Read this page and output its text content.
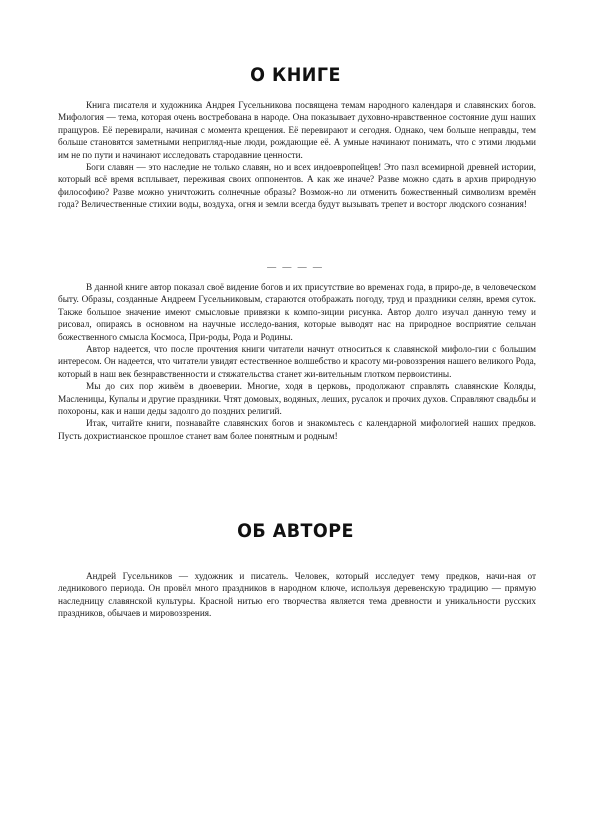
О КНИГЕ

Книга писателя и художника Андрея Гусельникова посвящена темам народного календаря и славянских богов. Мифология — тема, которая очень востребована в народе. Она показывает духовно-нравственное состояние душ наших пращуров. Её перевирали, начиная с момента крещения. Её перевирают и сегодня. Однако, чем больше неправды, тем больше становятся заметными непригляд-ные люди, рождающие её. А умные начинают понимать, что с этими людьми им не по пути и начинают исследовать стародавние ценности.

Боги славян — это наследие не только славян, но и всех индоевропейцев! Это пазл всемирной древней истории, который всё время всплывает, переживая своих оппонентов. А как же иначе? Разве можно сдать в архив природную философию? Разве можно уничтожить солнечные образы? Возмож-но ли отменить божественный символизм времён года? Величественные стихии воды, воздуха, огня и земли всегда будут вызывать трепет и восторг людского сознания!

— — — —

В данной книге автор показал своё видение богов и их присутствие во временах года, в приро-де, в человеческом быту. Образы, созданные Андреем Гусельниковым, стараются отображать погоду, труд и праздники селян, время суток. Также большое значение имеют смысловые привязки к компо-зиции рисунка. Автор долго изучал данную тему и рисовал, опираясь в основном на научные исследо-вания, которые выводят нас на природное восприятие сельчан божественного смысла Космоса, При-роды, Рода и Родины.

Автор надеется, что после прочтения книги читатели начнут относиться к славянской мифоло-гии с большим интересом. Он надеется, что читатели увидят естественное волшебство и красоту ми-ровоззрения нашего великого Рода, который в наш век безнравственности и стяжательства станет жи-вительным глотком первоистины.

Мы до сих пор живём в двоеверии. Многие, ходя в церковь, продолжают справлять славянские Коляды, Масленицы, Купалы и другие праздники. Чтят домовых, водяных, леших, русалок и прочих духов. Справляют свадьбы и похороны, как и наши деды задолго до поздних религий.

Итак, читайте книги, познавайте славянских богов и знакомьтесь с календарной мифологией наших предков. Пусть дохристианское прошлое станет вам более понятным и родным!

ОБ АВТОРЕ

Андрей Гусельников — художник и писатель. Человек, который исследует тему предков, начи-ная от ледникового периода. Он провёл много праздников в народном ключе, используя деревенскую традицию — прямую наследницу славянской культуры. Красной нитью его творчества является тема древности и уникальности русских праздников, обычаев и мировоззрения.
